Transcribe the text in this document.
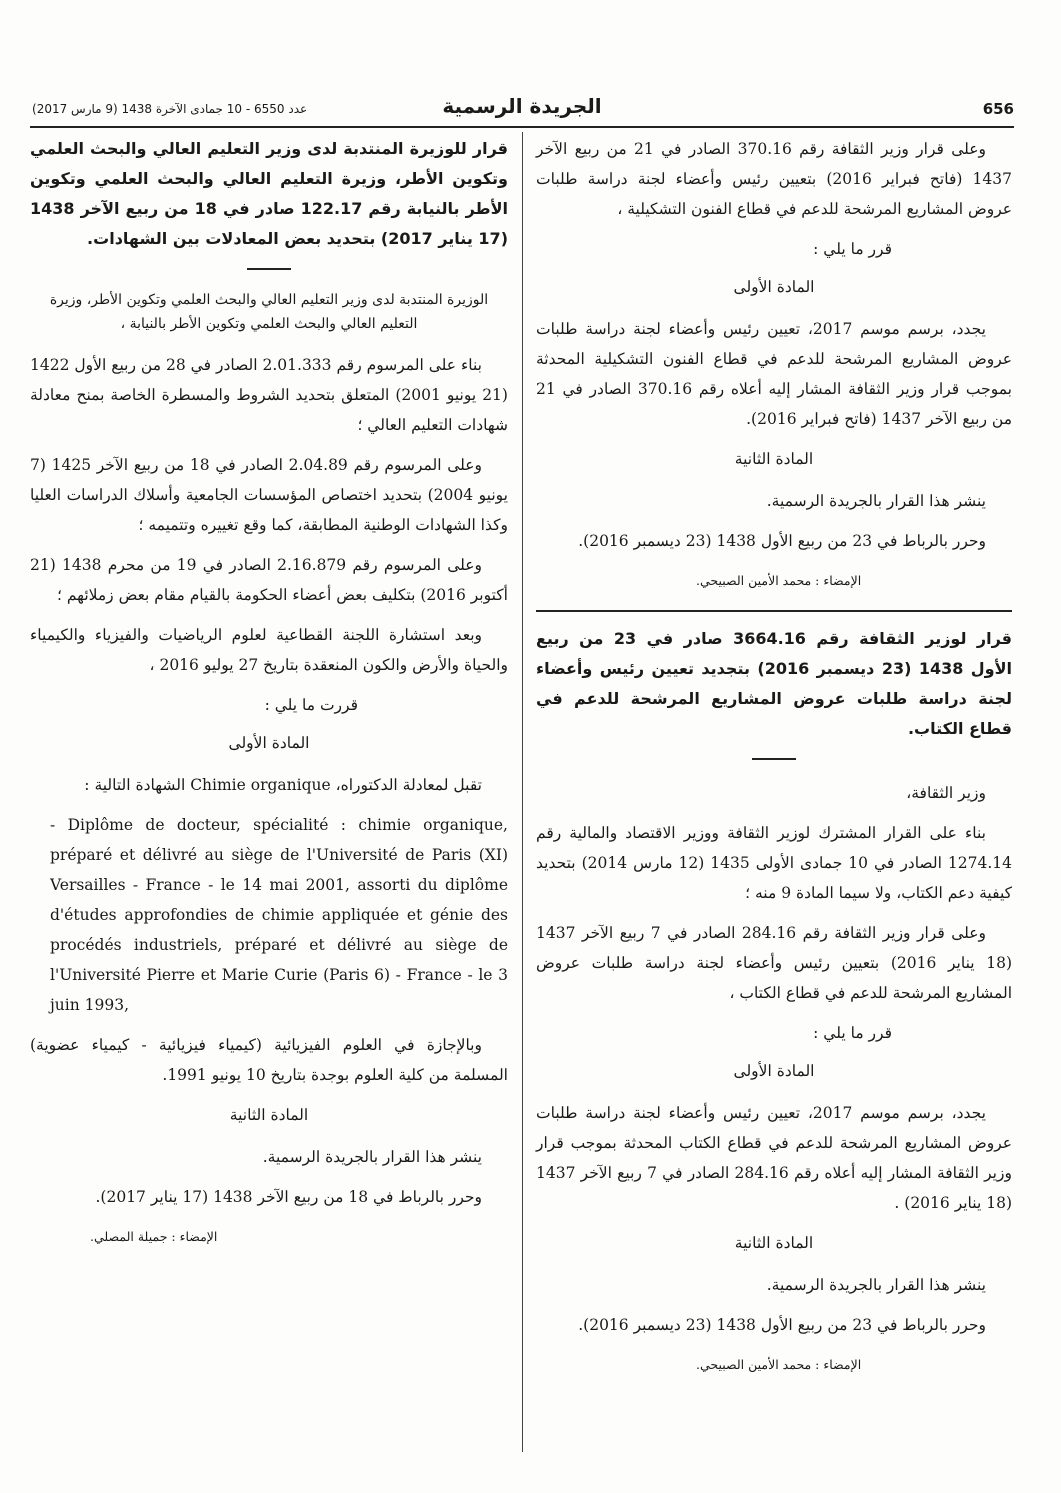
656
الجريدة الرسمية
عدد 6550 - 10 جمادى الآخرة 1438 (9 مارس 2017)

وعلى قرار وزير الثقافة رقم 370.16 الصادر في 21 من ربيع الآخر 1437 (فاتح فبراير 2016) بتعيين رئيس وأعضاء لجنة دراسة طلبات عروض المشاريع المرشحة للدعم في قطاع الفنون التشكيلية ،

قرر ما يلي :

المادة الأولى

يجدد، برسم موسم 2017، تعيين رئيس وأعضاء لجنة دراسة طلبات عروض المشاريع المرشحة للدعم في قطاع الفنون التشكيلية المحدثة بموجب قرار وزير الثقافة المشار إليه أعلاه رقم 370.16 الصادر في 21 من ربيع الآخر 1437 (فاتح فبراير 2016).

المادة الثانية

ينشر هذا القرار بالجريدة الرسمية.

وحرر بالرباط في 23 من ربيع الأول 1438 (23 ديسمبر 2016).

الإمضاء : محمد الأمين الصبيحي.

قرار لوزير الثقافة رقم 3664.16 صادر في 23 من ربيع الأول 1438 (23 ديسمبر 2016) بتجديد تعيين رئيس وأعضاء لجنة دراسة طلبات عروض المشاريع المرشحة للدعم في قطاع الكتاب.

وزير الثقافة،

بناء على القرار المشترك لوزير الثقافة ووزير الاقتصاد والمالية رقم 1274.14 الصادر في 10 جمادى الأولى 1435 (12 مارس 2014) بتحديد كيفية دعم الكتاب، ولا سيما المادة 9 منه ؛

وعلى قرار وزير الثقافة رقم 284.16 الصادر في 7 ربيع الآخر 1437 (18 يناير 2016) بتعيين رئيس وأعضاء لجنة دراسة طلبات عروض المشاريع المرشحة للدعم في قطاع الكتاب ،

قرر ما يلي :

المادة الأولى

يجدد، برسم موسم 2017، تعيين رئيس وأعضاء لجنة دراسة طلبات عروض المشاريع المرشحة للدعم في قطاع الكتاب المحدثة بموجب قرار وزير الثقافة المشار إليه أعلاه رقم 284.16 الصادر في 7 ربيع الآخر 1437 (18 يناير 2016) .

المادة الثانية

ينشر هذا القرار بالجريدة الرسمية.

وحرر بالرباط في 23 من ربيع الأول 1438 (23 ديسمبر 2016).

الإمضاء : محمد الأمين الصبيحي.

قرار للوزيرة المنتدبة لدى وزير التعليم العالي والبحث العلمي وتكوين الأطر، وزيرة التعليم العالي والبحث العلمي وتكوين الأطر بالنيابة رقم 122.17 صادر في 18 من ربيع الآخر 1438 (17 يناير 2017) بتحديد بعض المعادلات بين الشهادات.

الوزيرة المنتدبة لدى وزير التعليم العالي والبحث العلمي وتكوين الأطر، وزيرة التعليم العالي والبحث العلمي وتكوين الأطر بالنيابة ،

بناء على المرسوم رقم 2.01.333 الصادر في 28 من ربيع الأول 1422 (21 يونيو 2001) المتعلق بتحديد الشروط والمسطرة الخاصة بمنح معادلة شهادات التعليم العالي ؛

وعلى المرسوم رقم 2.04.89 الصادر في 18 من ربيع الآخر 1425 (7 يونيو 2004) بتحديد اختصاص المؤسسات الجامعية وأسلاك الدراسات العليا وكذا الشهادات الوطنية المطابقة، كما وقع تغييره وتتميمه ؛

وعلى المرسوم رقم 2.16.879 الصادر في 19 من محرم 1438 (21 أكتوبر 2016) بتكليف بعض أعضاء الحكومة بالقيام مقام بعض زملائهم ؛

وبعد استشارة اللجنة القطاعية لعلوم الرياضيات والفيزياء والكيمياء والحياة والأرض والكون المنعقدة بتاريخ 27 يوليو 2016 ،

قررت ما يلي :

المادة الأولى

تقبل لمعادلة الدكتوراه، Chimie organique الشهادة التالية :

- Diplôme de docteur, spécialité : chimie organique, préparé et délivré au siège de l'Université de Paris (XI) Versailles - France - le 14 mai 2001, assorti du diplôme d'études approfondies de chimie appliquée et génie des procédés industriels, préparé et délivré au siège de l'Université Pierre et Marie Curie (Paris 6) - France - le 3 juin 1993,

وبالإجازة في العلوم الفيزيائية (كيمياء فيزيائية - كيمياء عضوية) المسلمة من كلية العلوم بوجدة بتاريخ 10 يونيو 1991.

المادة الثانية

ينشر هذا القرار بالجريدة الرسمية.

وحرر بالرباط في 18 من ربيع الآخر 1438 (17 يناير 2017).

الإمضاء : جميلة المصلي.
